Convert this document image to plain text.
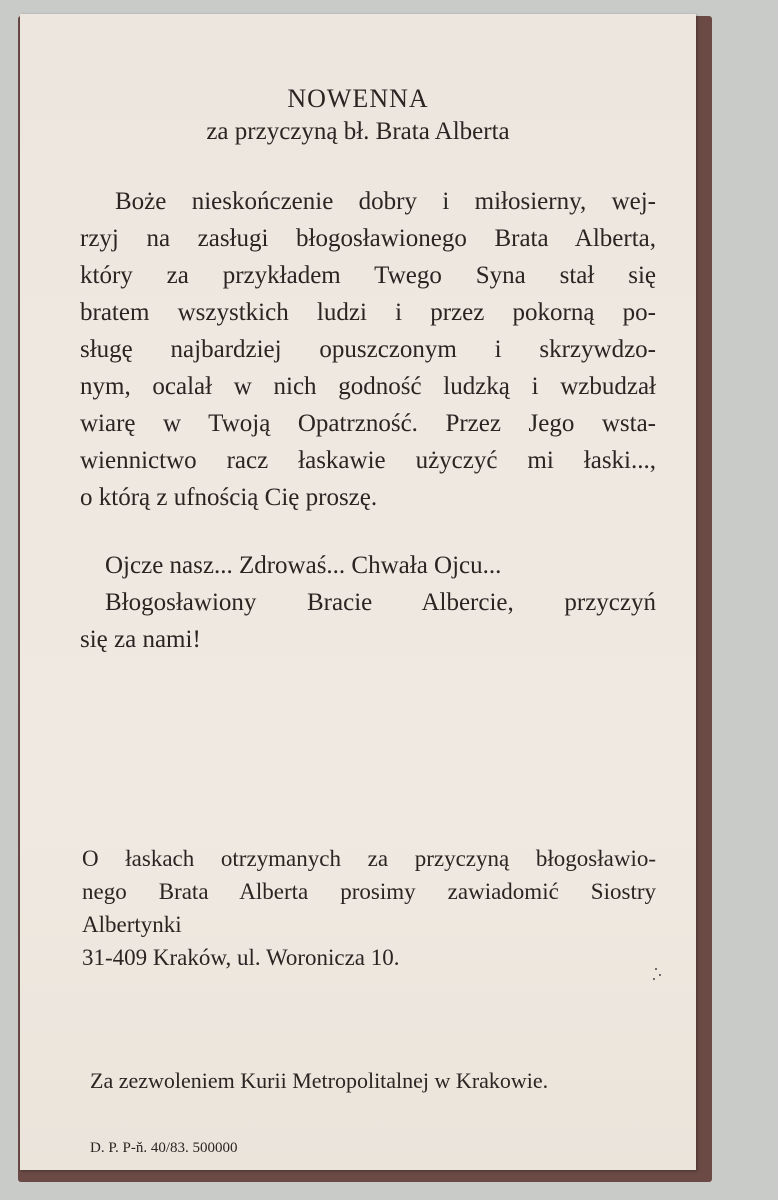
NOWENNA
za przyczyną bł. Brata Alberta
Boże nieskończenie dobry i miłosierny, wej-
rzyj na zasługi błogosławionego Brata Alberta,
który za przykładem Twego Syna stał się
bratem wszystkich ludzi i przez pokorną po-
sługę najbardziej opuszczonym i skrzywdzo-
nym, ocalał w nich godność ludzką i wzbudzał
wiarę w Twoją Opatrzność. Przez Jego wsta-
wiennictwo racz łaskawie użyczyć mi łaski...,
o którą z ufnością Cię proszę.
Ojcze nasz... Zdrowaś... Chwała Ojcu...
Błogosławiony Bracie Albercie, przyczyń
się za nami!
O łaskach otrzymanych za przyczyną błogosławio-
nego Brata Alberta prosimy zawiadomić Siostry
Albertynki
31-409 Kraków, ul. Woronicza 10.
Za zezwoleniem Kurii Metropolitalnej w Krakowie.
D. P. P-ň. 40/83. 500000
